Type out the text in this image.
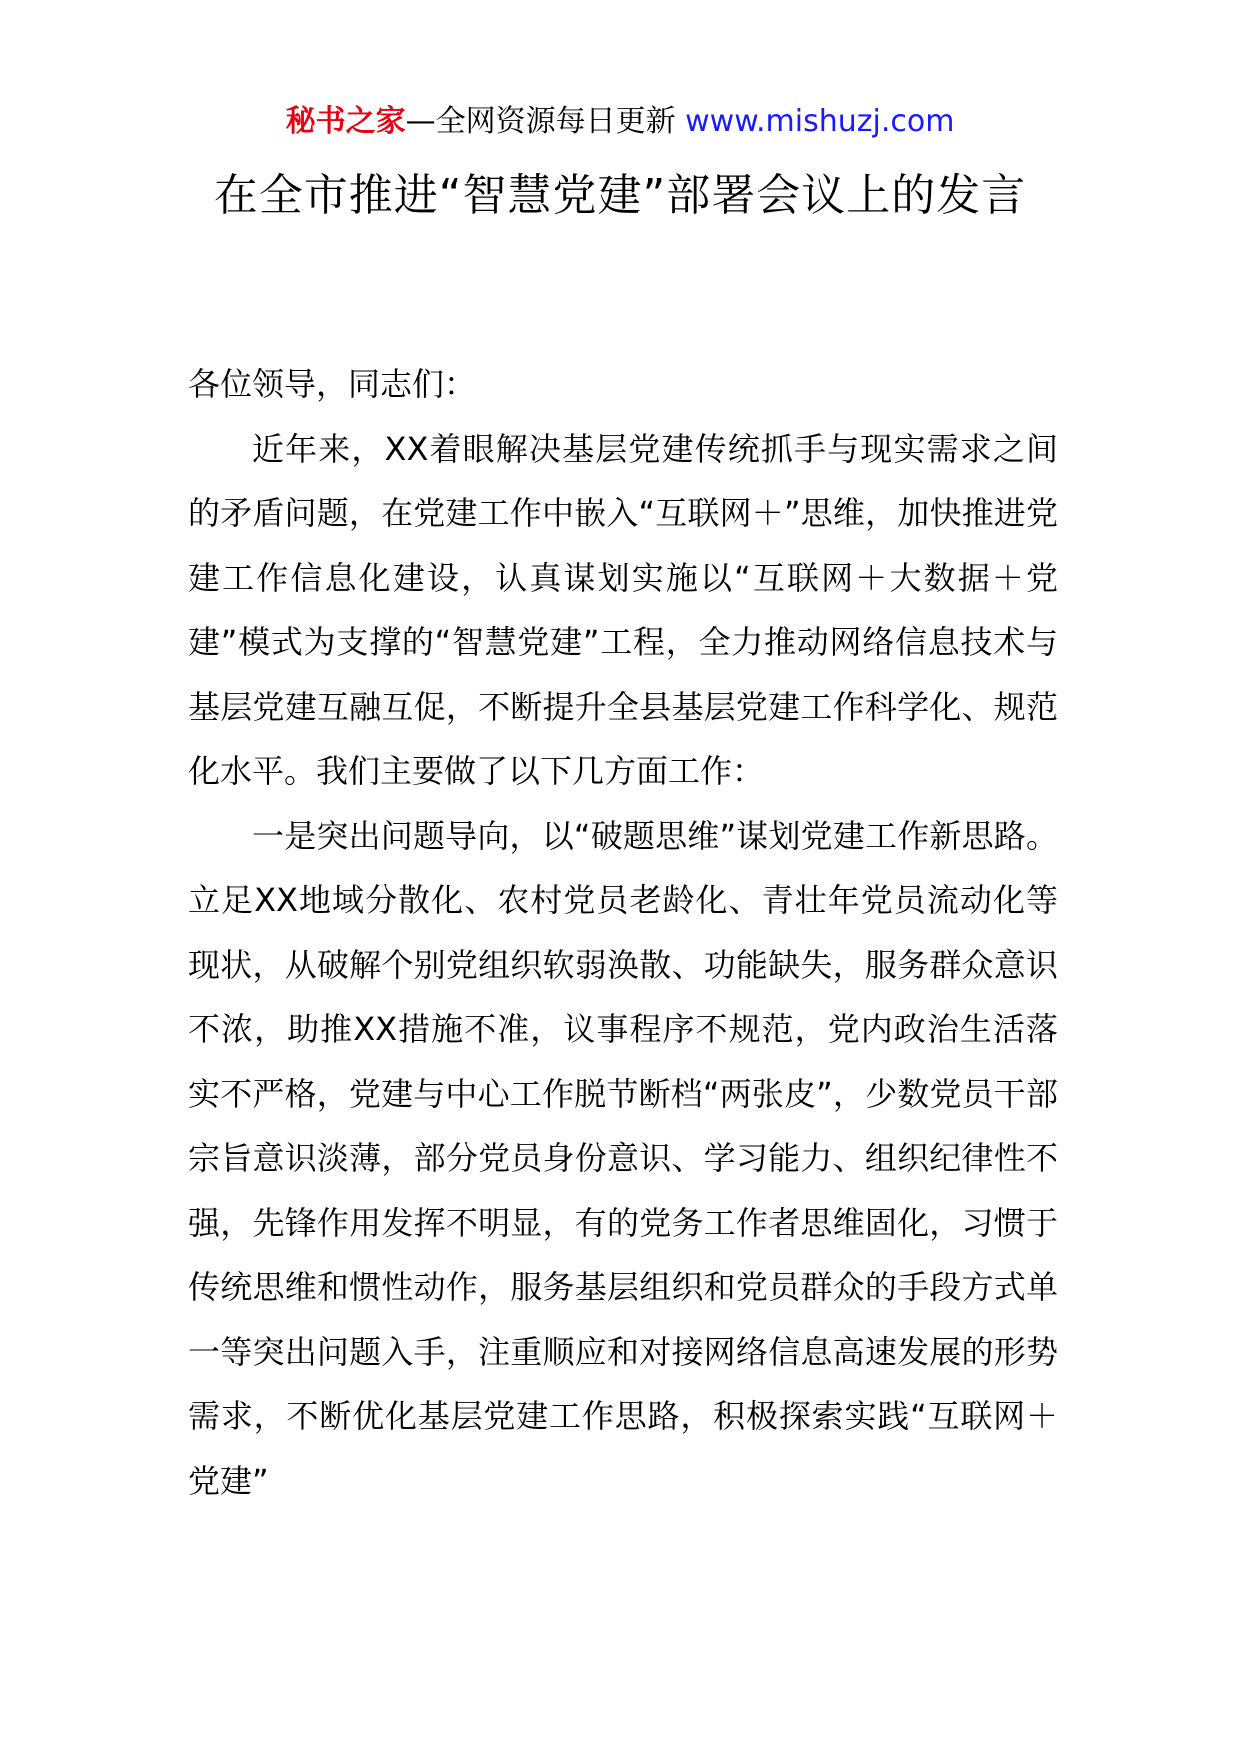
秘书之家—全网资源每日更新 www.mishuzj.com
在全市推进“智慧党建”部署会议上的发言

各位领导，同志们：

近年来，XX着眼解决基层党建传统抓手与现实需求之间的矛盾问题，在党建工作中嵌入“互联网＋”思维，加快推进党建工作信息化建设，认真谋划实施以“互联网＋大数据＋党建”模式为支撑的“智慧党建”工程，全力推动网络信息技术与基层党建互融互促，不断提升全县基层党建工作科学化、规范化水平。我们主要做了以下几方面工作：

一是突出问题导向，以“破题思维”谋划党建工作新思路。立足XX地域分散化、农村党员老龄化、青壮年党员流动化等现状，从破解个别党组织软弱涣散、功能缺失，服务群众意识不浓，助推XX措施不准，议事程序不规范，党内政治生活落实不严格，党建与中心工作脱节断档“两张皮”，少数党员干部宗旨意识淡薄，部分党员身份意识、学习能力、组织纪律性不强，先锋作用发挥不明显，有的党务工作者思维固化，习惯于传统思维和惯性动作，服务基层组织和党员群众的手段方式单一等突出问题入手，注重顺应和对接网络信息高速发展的形势需求，不断优化基层党建工作思路，积极探索实践“互联网＋党建”
